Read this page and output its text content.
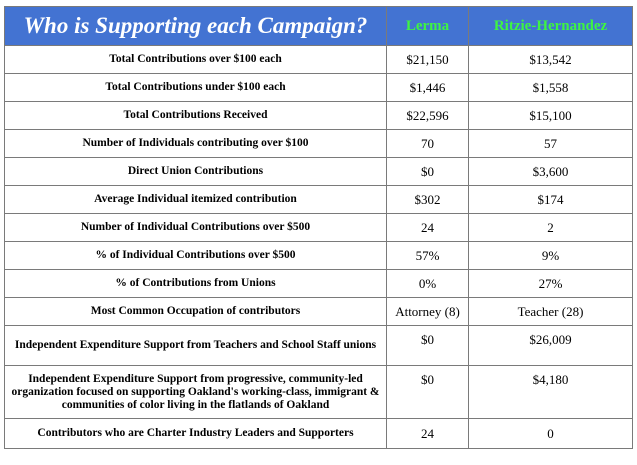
Who is Supporting each Campaign?	Lerma	Ritzie-Hernandez
Total Contributions over $100 each	$21,150	$13,542
Total Contributions under $100 each	$1,446	$1,558
Total Contributions Received	$22,596	$15,100
Number of Individuals contributing over $100	70	57
Direct Union Contributions	$0	$3,600
Average Individual itemized contribution	$302	$174
Number of Individual Contributions over $500	24	2
% of Individual Contributions over $500	57%	9%
% of Contributions from Unions	0%	27%
Most Common Occupation of contributors	Attorney (8)	Teacher (28)
Independent Expenditure Support from Teachers and School Staff unions	$0	$26,009
Independent Expenditure Support from progressive, community-led organization focused on supporting Oakland's working-class, immigrant & communities of color living in the flatlands of Oakland	$0	$4,180
Contributors who are Charter Industry Leaders and Supporters	24	0
